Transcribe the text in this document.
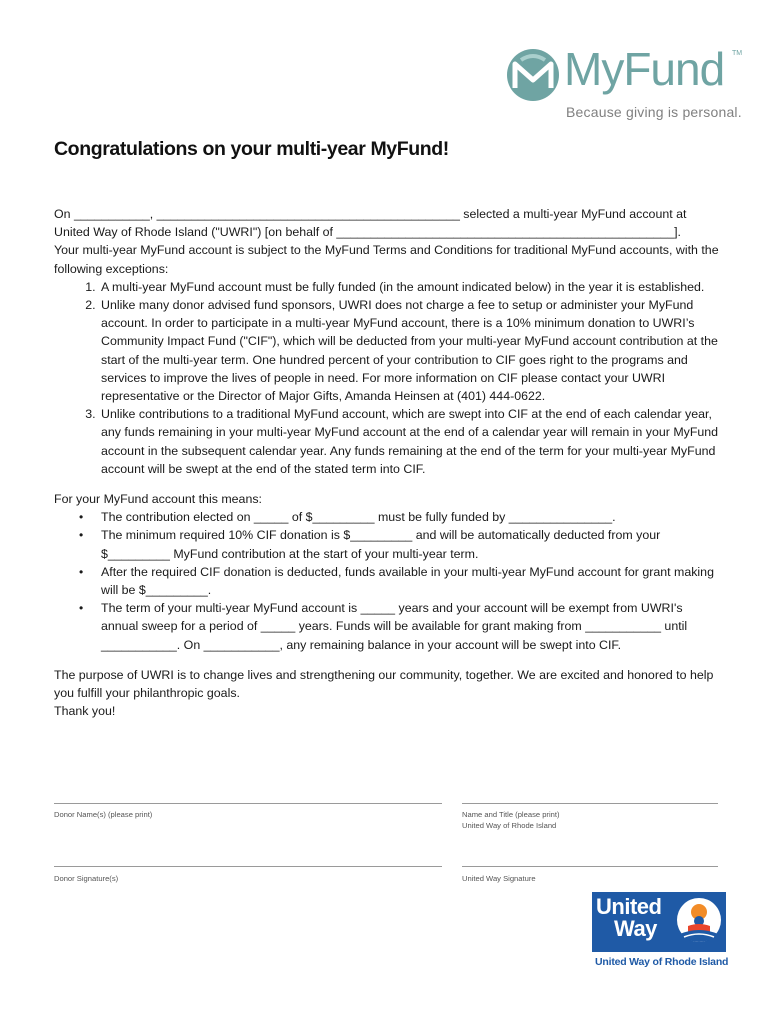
MyFund TM
Because giving is personal.
Congratulations on your multi-year MyFund!

On ___________, ____________________________________________ selected a multi-year MyFund account at

United Way of Rhode Island ("UWRI") [on behalf of _________________________________________________].

Your multi-year MyFund account is subject to the MyFund Terms and Conditions for traditional MyFund accounts, with the following exceptions:

1. A multi-year MyFund account must be fully funded (in the amount indicated below) in the year it is established.
2. Unlike many donor advised fund sponsors, UWRI does not charge a fee to setup or administer your MyFund account. In order to participate in a multi-year MyFund account, there is a 10% minimum donation to UWRI’s Community Impact Fund ("CIF"), which will be deducted from your multi-year MyFund account contribution at the start of the multi-year term. One hundred percent of your contribution to CIF goes right to the programs and services to improve the lives of people in need. For more information on CIF please contact your UWRI representative or the Director of Major Gifts, Amanda Heinsen at (401) 444-0622.
3. Unlike contributions to a traditional MyFund account, which are swept into CIF at the end of each calendar year, any funds remaining in your multi-year MyFund account at the end of a calendar year will remain in your MyFund account in the subsequent calendar year. Any funds remaining at the end of the term for your multi-year MyFund account will be swept at the end of the stated term into CIF.

For your MyFund account this means:

• The contribution elected on _____ of $_________ must be fully funded by _______________.
• The minimum required 10% CIF donation is $_________ and will be automatically deducted from your $_________ MyFund contribution at the start of your multi-year term.
• After the required CIF donation is deducted, funds available in your multi-year MyFund account for grant making will be $_________.
• The term of your multi-year MyFund account is _____ years and your account will be exempt from UWRI's annual sweep for a period of _____ years. Funds will be available for grant making from ___________ until ___________. On ___________, any remaining balance in your account will be swept into CIF.

The purpose of UWRI is to change lives and strengthening our community, together. We are excited and honored to help you fulfill your philanthropic goals.

Thank you!

Donor Name(s) (please print)	Name and Title (please print)
United Way of Rhode Island
Donor Signature(s)	United Way Signature
United
Way
United Way of Rhode Island
